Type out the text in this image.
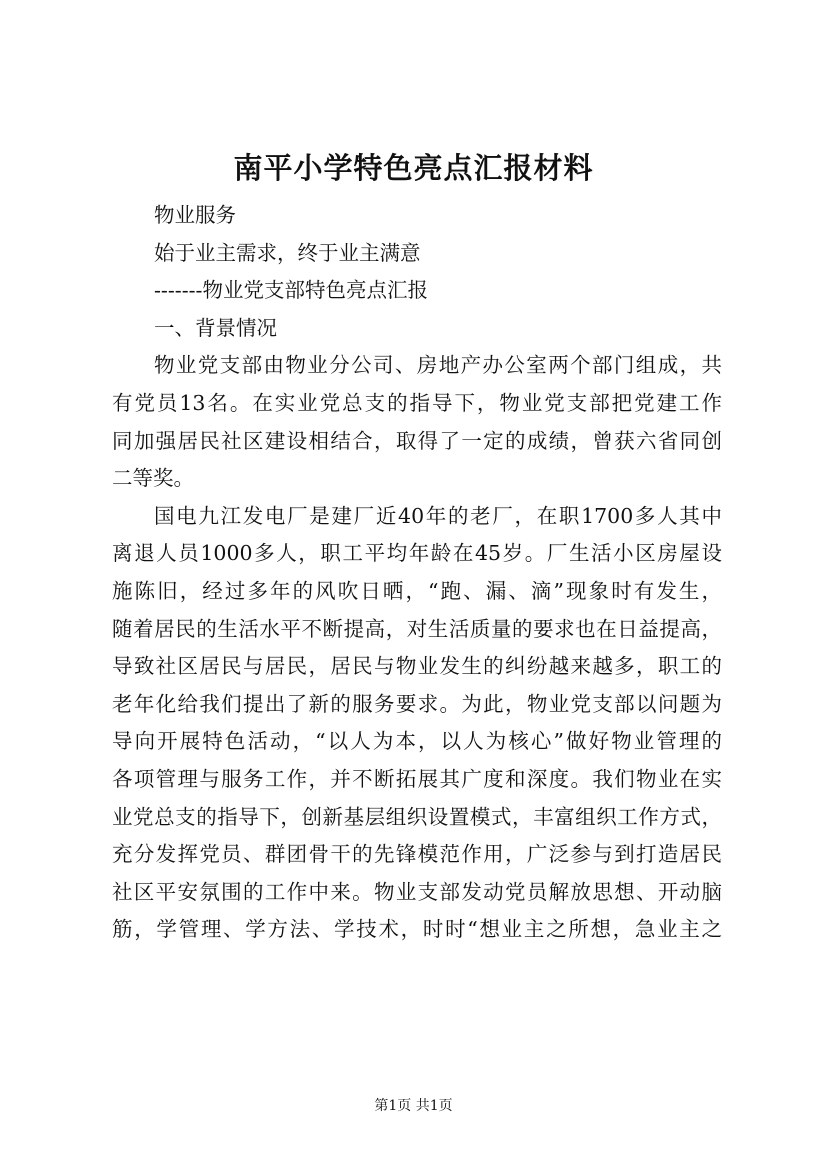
南平小学特色亮点汇报材料
物业服务
始于业主需求，终于业主满意
-------物业党支部特色亮点汇报
一、背景情况
物业党支部由物业分公司、房地产办公室两个部门组成，共
有党员13名。在实业党总支的指导下，物业党支部把党建工作
同加强居民社区建设相结合，取得了一定的成绩，曾获六省同创
二等奖。
国电九江发电厂是建厂近40年的老厂，在职1700多人其中
离退人员1000多人，职工平均年龄在45岁。厂生活小区房屋设
施陈旧，经过多年的风吹日晒，“跑、漏、滴”现象时有发生，
随着居民的生活水平不断提高，对生活质量的要求也在日益提高，
导致社区居民与居民，居民与物业发生的纠纷越来越多，职工的
老年化给我们提出了新的服务要求。为此，物业党支部以问题为
导向开展特色活动，“以人为本，以人为核心”做好物业管理的
各项管理与服务工作，并不断拓展其广度和深度。我们物业在实
业党总支的指导下，创新基层组织设置模式，丰富组织工作方式，
充分发挥党员、群团骨干的先锋模范作用，广泛参与到打造居民
社区平安氛围的工作中来。物业支部发动党员解放思想、开动脑
筋，学管理、学方法、学技术，时时“想业主之所想，急业主之
第1页 共1页
